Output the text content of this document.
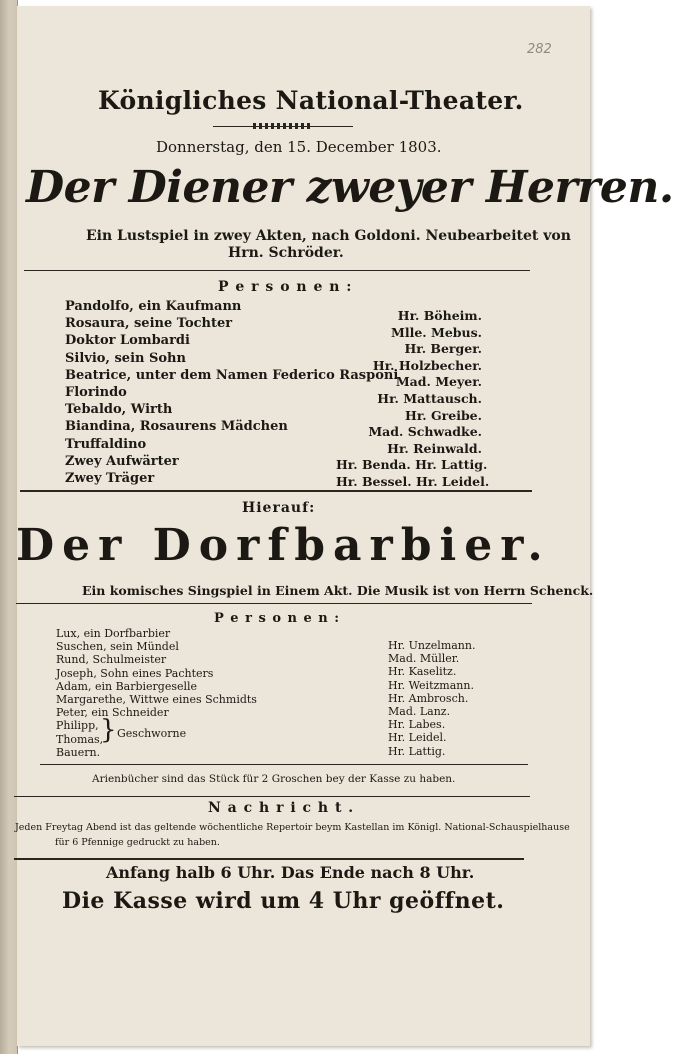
282
Königliches National-Theater.
Donnerstag, den 15. December 1803.
Der Diener zweyer Herren.
Ein Lustspiel in zwey Akten, nach Goldoni. Neubearbeitet von
Hrn. Schröder.
P e r s o n e n :
Pandolfo, ein Kaufmann
Rosaura, seine Tochter
Doktor Lombardi
Silvio, sein Sohn
Beatrice, unter dem Namen Federico Rasponi
Florindo
Tebaldo, Wirth
Biandina, Rosaurens Mädchen
Truffaldino
Zwey Aufwärter
Zwey Träger
Hr. Böheim.
Mlle. Mebus.
Hr. Berger.
Hr. Holzbecher.
Mad. Meyer.
Hr. Mattausch.
Hr. Greibe.
Mad. Schwadke.
Hr. Reinwald.
Hr. Benda. Hr. Lattig.
Hr. Bessel. Hr. Leidel.
Hierauf:
Der Dorfbarbier.
Ein komisches Singspiel in Einem Akt. Die Musik ist von Herrn Schenck.
P e r s o n e n :
Lux, ein Dorfbarbier
Suschen, sein Mündel
Rund, Schulmeister
Joseph, Sohn eines Pachters
Adam, ein Barbiergeselle
Margarethe, Wittwe eines Schmidts
Peter, ein Schneider
Philipp,
Thomas,
Bauern.
} Geschworne
Hr. Unzelmann.
Mad. Müller.
Hr. Kaselitz.
Hr. Weitzmann.
Hr. Ambrosch.
Mad. Lanz.
Hr. Labes.
Hr. Leidel.
Hr. Lattig.
Arienbücher sind das Stück für 2 Groschen bey der Kasse zu haben.
N a c h r i c h t .
Jeden Freytag Abend ist das geltende wöchentliche Repertoir beym Kastellan im Königl. National-Schauspielhause
für 6 Pfennige gedruckt zu haben.
Anfang halb 6 Uhr. Das Ende nach 8 Uhr.
Die Kasse wird um 4 Uhr geöffnet.
